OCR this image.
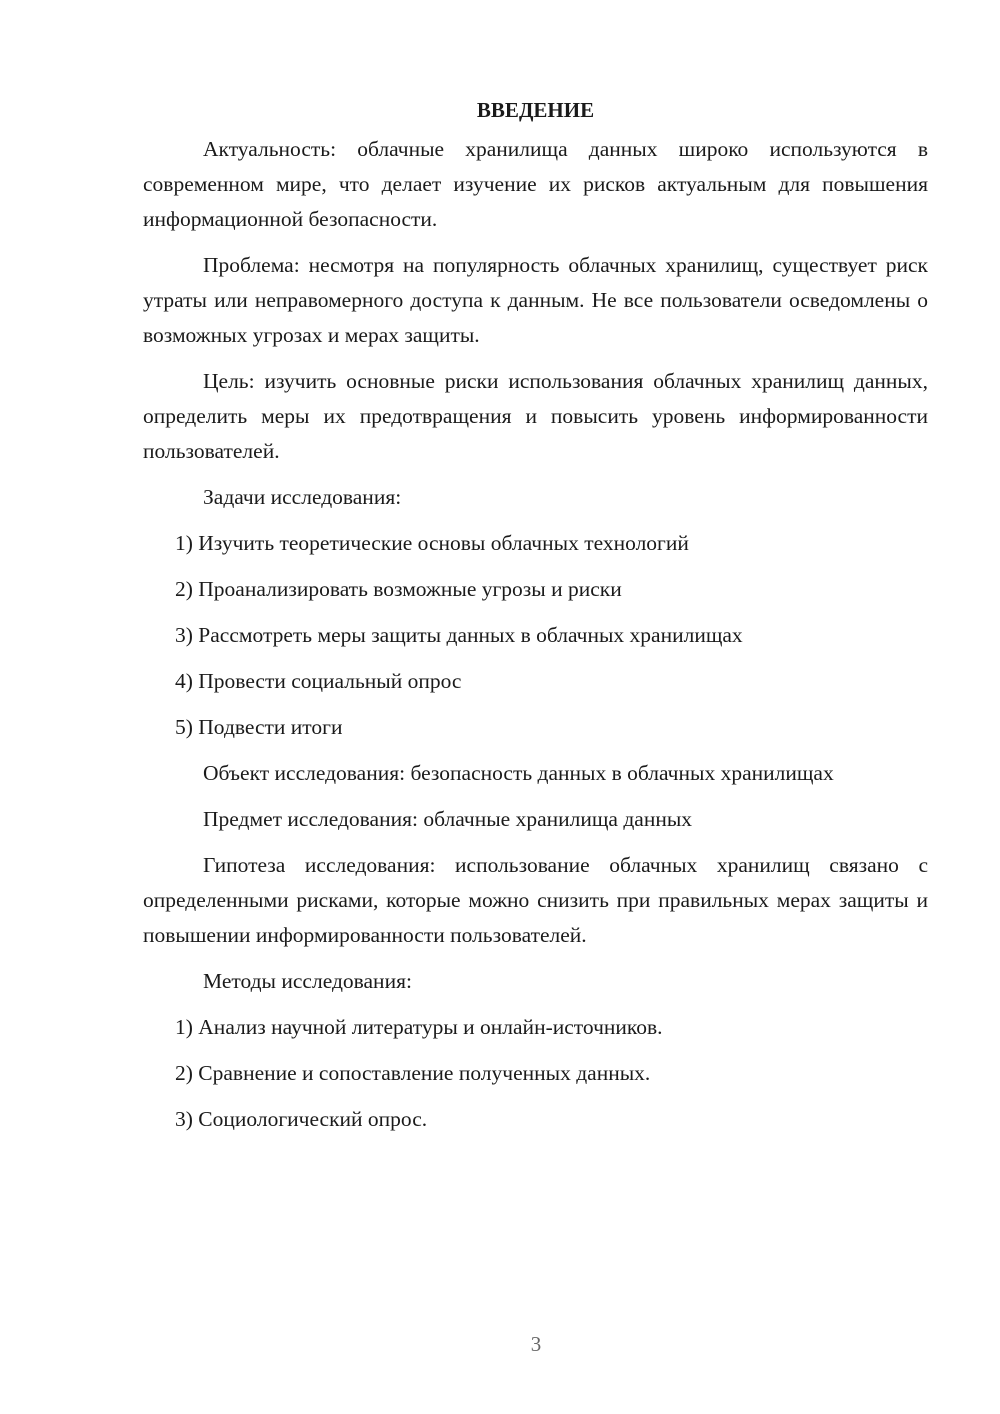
ВВЕДЕНИЕ

Актуальность: облачные хранилища данных широко используются в современном мире, что делает изучение их рисков актуальным для повышения информационной безопасности.

Проблема: несмотря на популярность облачных хранилищ, существует риск утраты или неправомерного доступа к данным. Не все пользователи осведомлены о возможных угрозах и мерах защиты.

Цель: изучить основные риски использования облачных хранилищ данных, определить меры их предотвращения и повысить уровень информированности пользователей.

Задачи исследования:

1) Изучить теоретические основы облачных технологий

2) Проанализировать возможные угрозы и риски

3) Рассмотреть меры защиты данных в облачных хранилищах

4) Провести социальный опрос

5) Подвести итоги

Объект исследования: безопасность данных в облачных хранилищах

Предмет исследования: облачные хранилища данных

Гипотеза исследования: использование облачных хранилищ связано с определенными рисками, которые можно снизить при правильных мерах защиты и повышении информированности пользователей.

Методы исследования:

1) Анализ научной литературы и онлайн-источников.

2) Сравнение и сопоставление полученных данных.

3) Социологический опрос.

3
